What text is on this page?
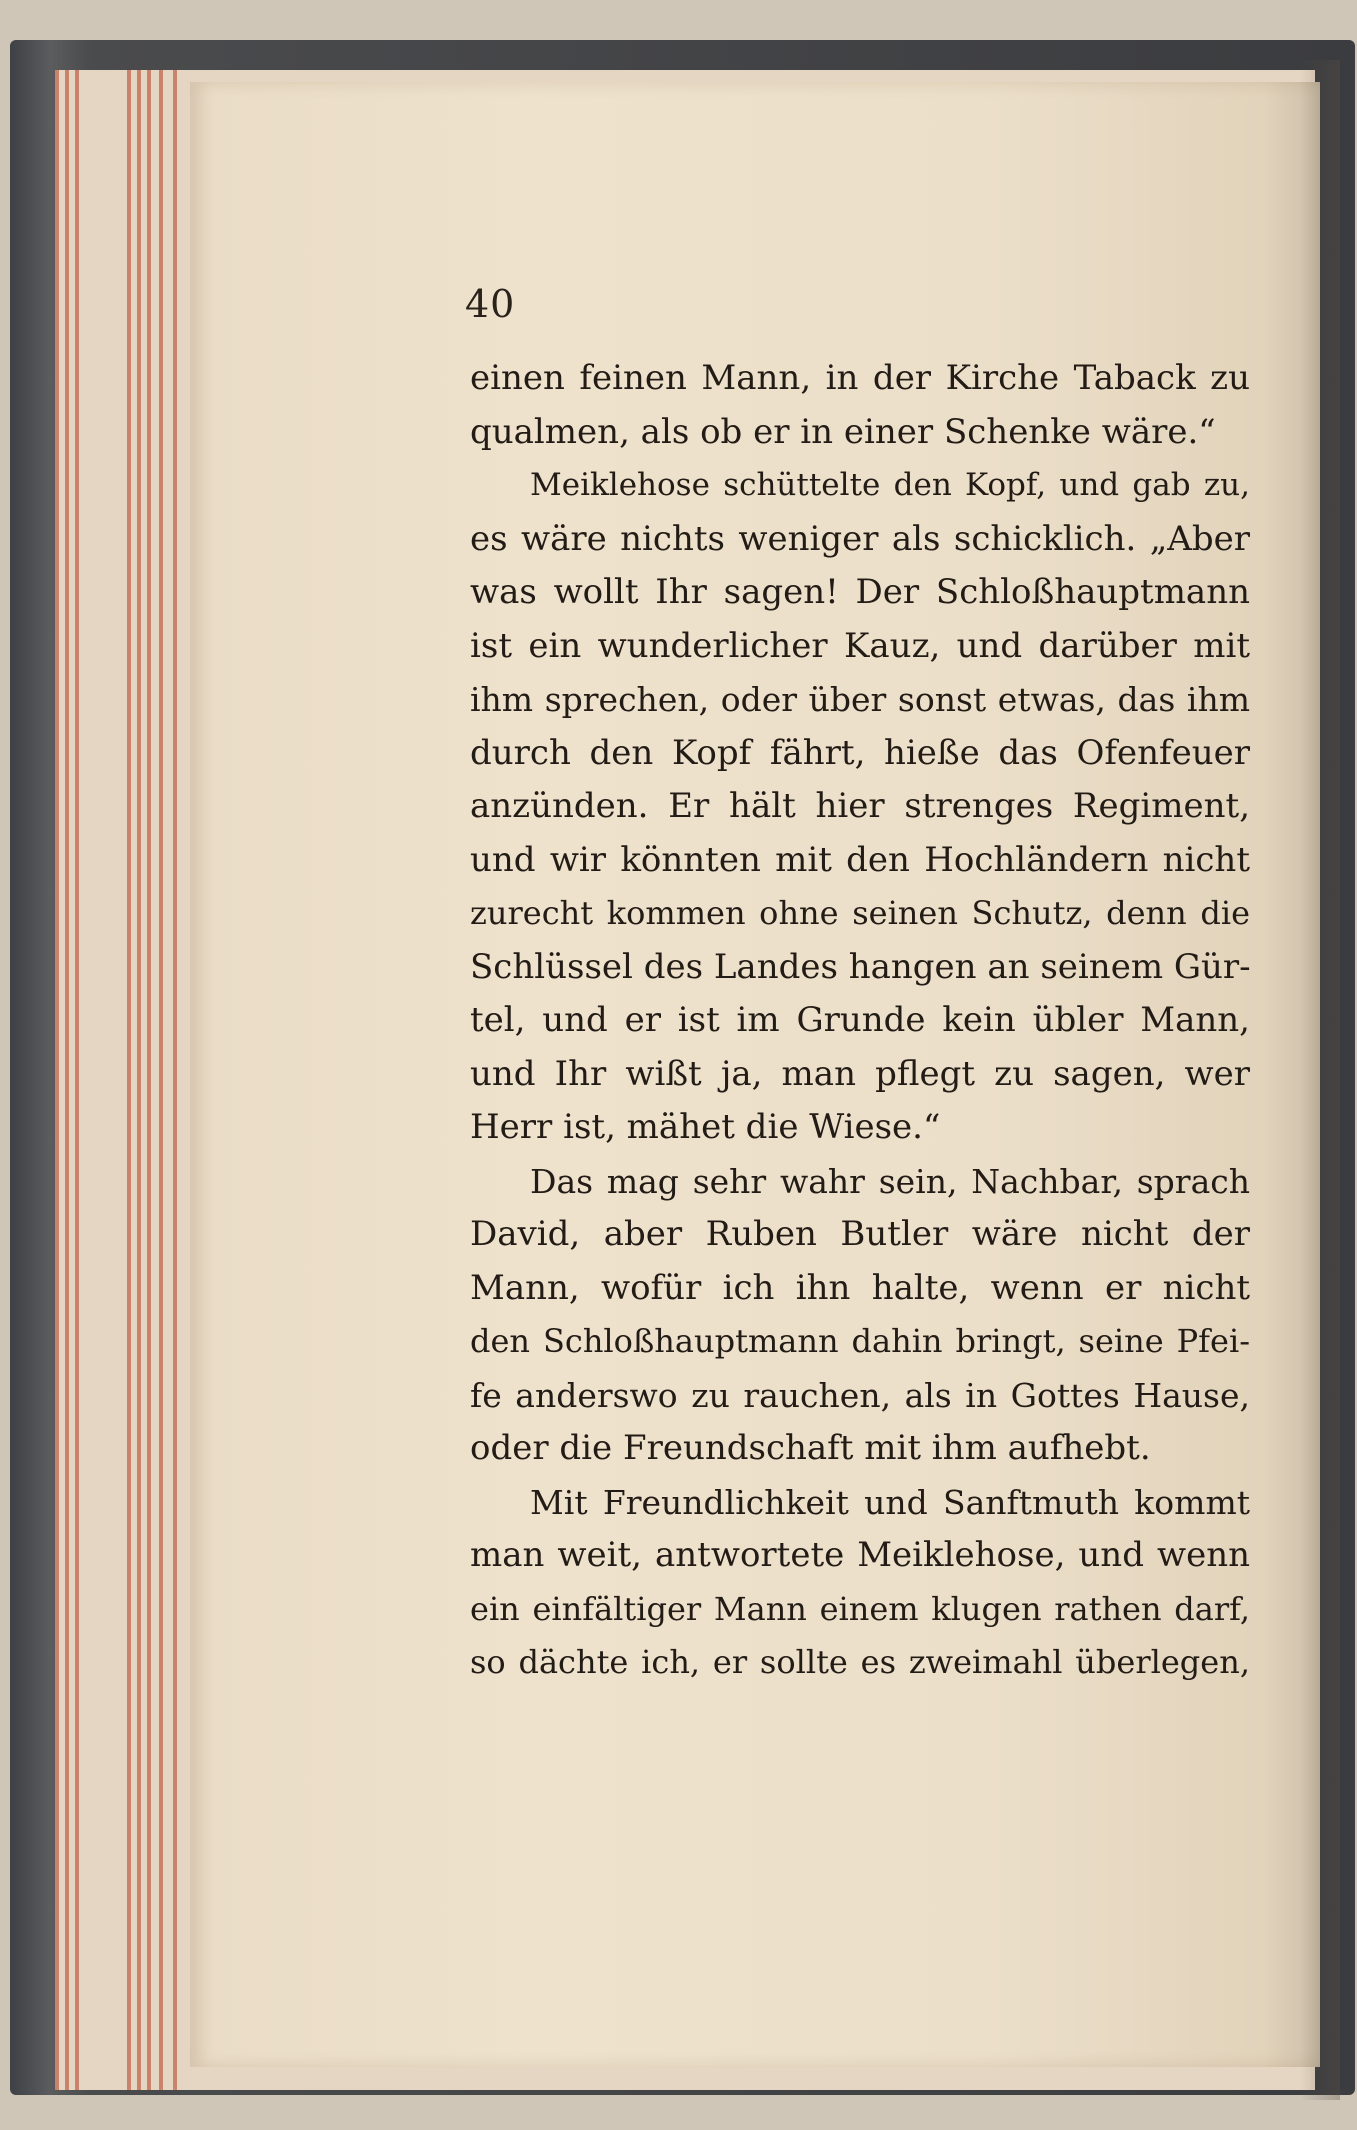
40
einen feinen Mann, in der Kirche Taback zu
qualmen, als ob er in einer Schenke wäre.“
Meiklehose schüttelte den Kopf, und gab zu,
es wäre nichts weniger als schicklich. „Aber
was wollt Ihr sagen! Der Schloßhauptmann
ist ein wunderlicher Kauz, und darüber mit
ihm sprechen, oder über sonst etwas, das ihm
durch den Kopf fährt, hieße das Ofenfeuer
anzünden. Er hält hier strenges Regiment,
und wir könnten mit den Hochländern nicht
zurecht kommen ohne seinen Schutz, denn die
Schlüssel des Landes hangen an seinem Gür-
tel, und er ist im Grunde kein übler Mann,
und Ihr wißt ja, man pflegt zu sagen, wer
Herr ist, mähet die Wiese.“
Das mag sehr wahr sein, Nachbar, sprach
David, aber Ruben Butler wäre nicht der
Mann, wofür ich ihn halte, wenn er nicht
den Schloßhauptmann dahin bringt, seine Pfei-
fe anderswo zu rauchen, als in Gottes Hause,
oder die Freundschaft mit ihm aufhebt.
Mit Freundlichkeit und Sanftmuth kommt
man weit, antwortete Meiklehose, und wenn
ein einfältiger Mann einem klugen rathen darf,
so dächte ich, er sollte es zweimahl überlegen,
